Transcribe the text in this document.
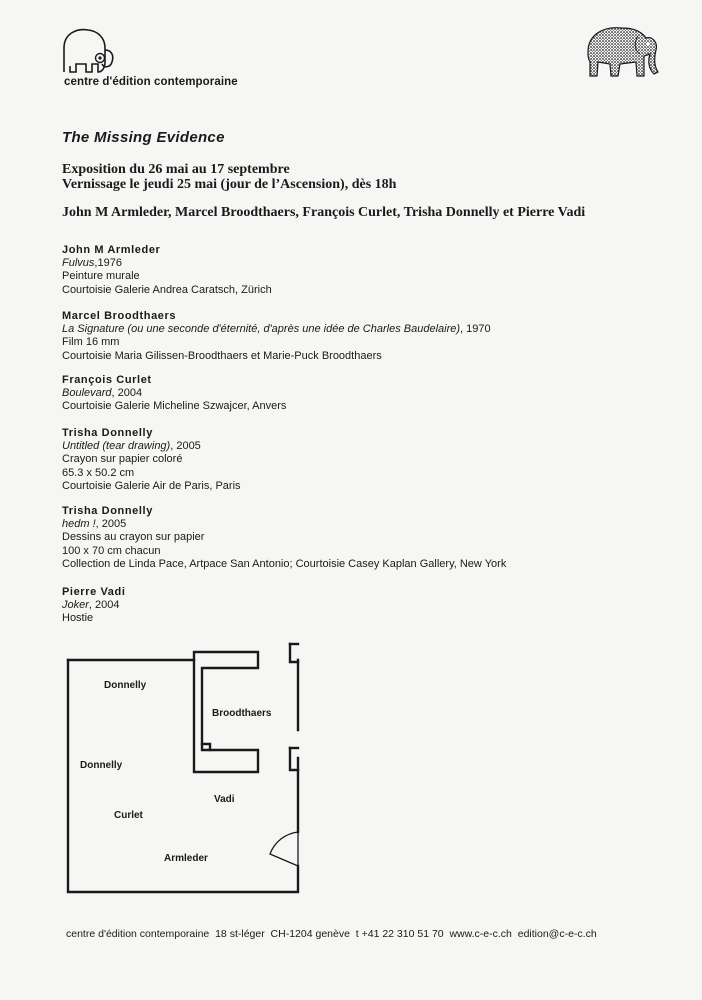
centre d'édition contemporaine
The Missing Evidence
Exposition du 26 mai au 17 septembre
Vernissage le jeudi 25 mai (jour de l’Ascension), dès 18h
John M Armleder, Marcel Broodthaers, François Curlet, Trisha Donnelly et Pierre Vadi
John M Armleder
Fulvus,1976
Peinture murale
Courtoisie Galerie Andrea Caratsch, Zürich
Marcel Broodthaers
La Signature (ou une seconde d'éternité, d'après une idée de Charles Baudelaire), 1970
Film 16 mm
Courtoisie Maria Gilissen-Broodthaers et Marie-Puck Broodthaers
François Curlet
Boulevard, 2004
Courtoisie Galerie Micheline Szwajcer, Anvers
Trisha Donnelly
Untitled (tear drawing), 2005
Crayon sur papier coloré
65.3 x 50.2 cm
Courtoisie Galerie Air de Paris, Paris
Trisha Donnelly
hedm !, 2005
Dessins au crayon sur papier
100 x 70 cm chacun
Collection de Linda Pace, Artpace San Antonio; Courtoisie Casey Kaplan Gallery, New York
Pierre Vadi
Joker, 2004
Hostie
Donnelly
Broodthaers
Donnelly
Vadi
Curlet
Armleder
centre d'édition contemporaine  18 st-léger  CH-1204 genève  t +41 22 310 51 70  www.c-e-c.ch  edition@c-e-c.ch
